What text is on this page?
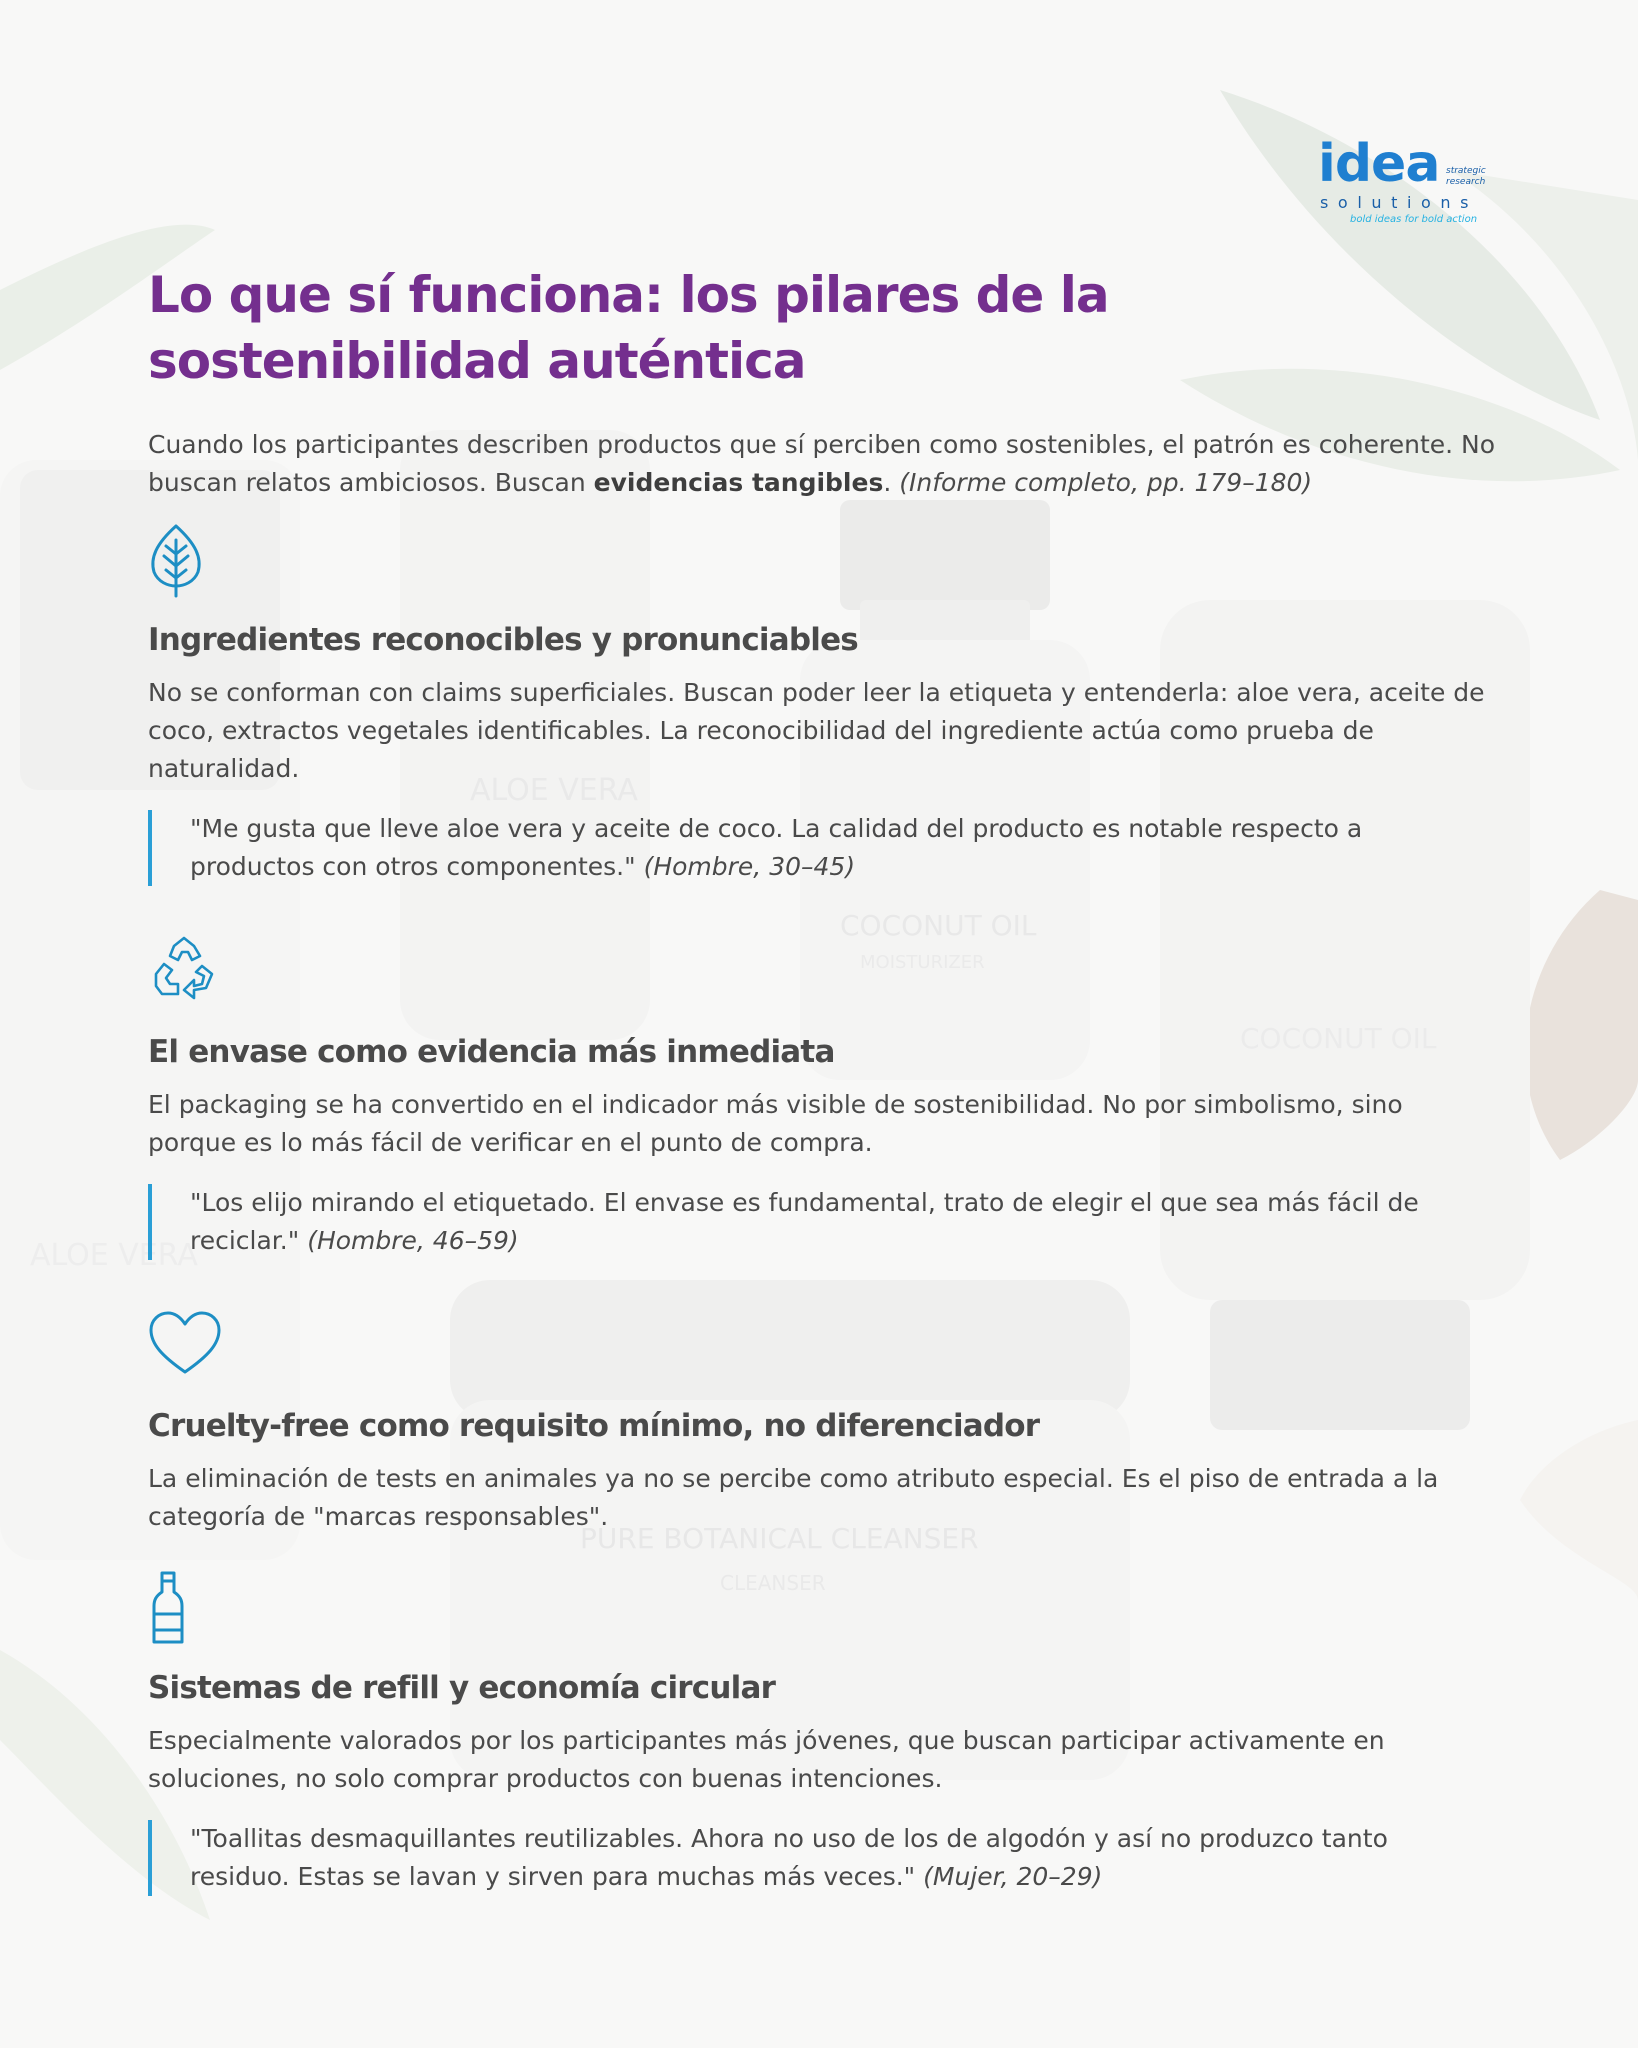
idea strategic
research
solutions
bold ideas for bold action
Lo que sí funciona: los pilares de la sostenibilidad auténtica

Cuando los participantes describen productos que sí perciben como sostenibles, el patrón es coherente. No buscan relatos ambiciosos. Buscan evidencias tangibles. (Informe completo, pp. 179–180)

Ingredientes reconocibles y pronunciables

No se conforman con claims superficiales. Buscan poder leer la etiqueta y entenderla: aloe vera, aceite de coco, extractos vegetales identificables. La reconocibilidad del ingrediente actúa como prueba de naturalidad.

"Me gusta que lleve aloe vera y aceite de coco. La calidad del producto es notable respecto a productos con otros componentes." (Hombre, 30–45)
El envase como evidencia más inmediata

El packaging se ha convertido en el indicador más visible de sostenibilidad. No por simbolismo, sino porque es lo más fácil de verificar en el punto de compra.

"Los elijo mirando el etiquetado. El envase es fundamental, trato de elegir el que sea más fácil de reciclar." (Hombre, 46–59)
Cruelty-free como requisito mínimo, no diferenciador

La eliminación de tests en animales ya no se percibe como atributo especial. Es el piso de entrada a la categoría de "marcas responsables".

Sistemas de refill y economía circular

Especialmente valorados por los participantes más jóvenes, que buscan participar activamente en soluciones, no solo comprar productos con buenas intenciones.

"Toallitas desmaquillantes reutilizables. Ahora no uso de los de algodón y así no produzco tanto residuo. Estas se lavan y sirven para muchas más veces." (Mujer, 20–29)
